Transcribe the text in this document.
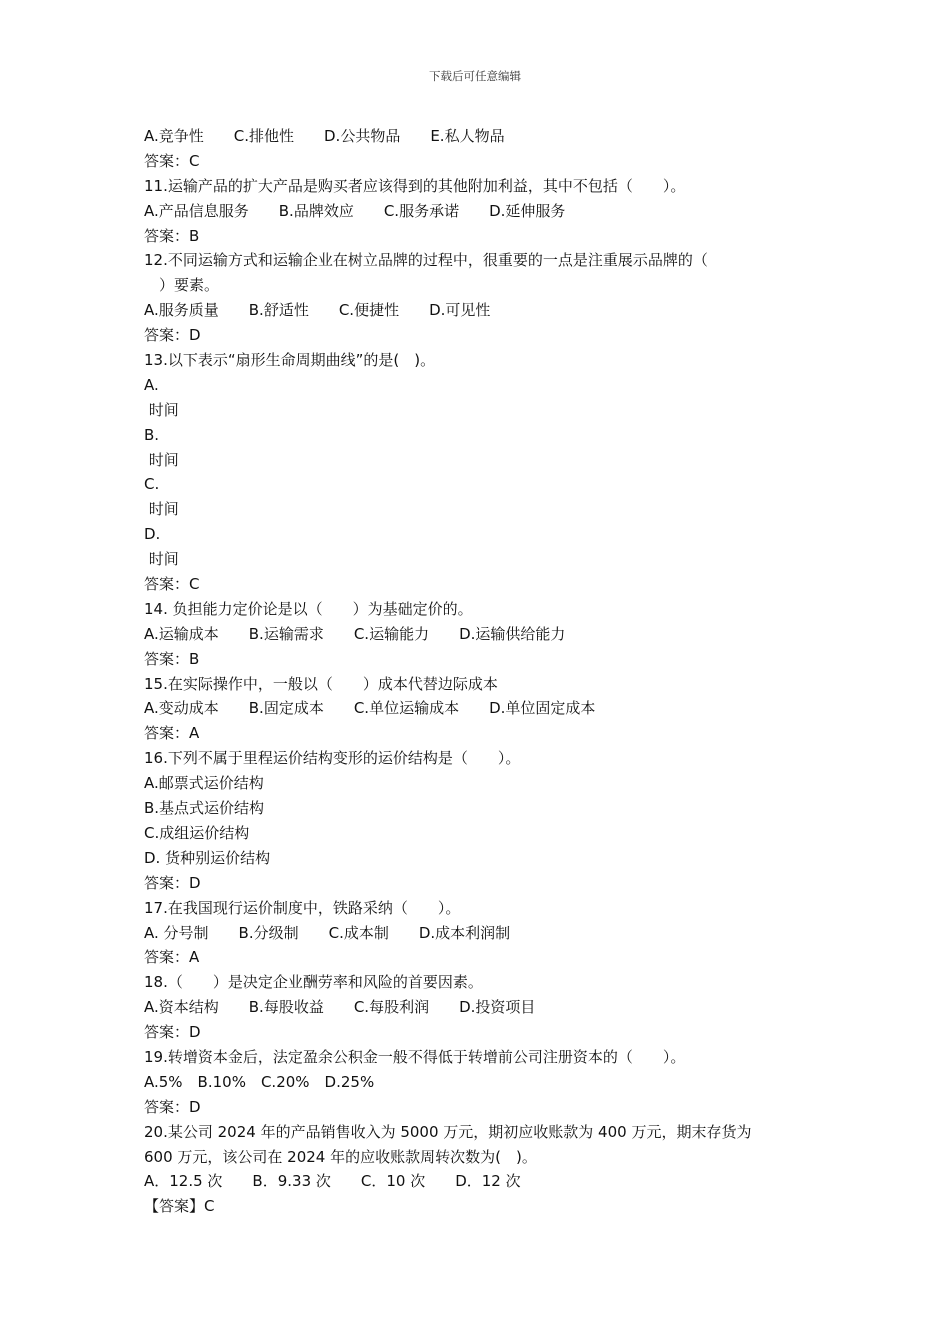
下载后可任意编辑
A.竞争性　　C.排他性　　D.公共物品　　E.私人物品
答案：C
11.运输产品的扩大产品是购买者应该得到的其他附加利益，其中不包括（　　）。
A.产品信息服务　　B.品牌效应　　C.服务承诺　　D.延伸服务
答案：B
12.不同运输方式和运输企业在树立品牌的过程中，很重要的一点是注重展示品牌的（
　）要素。
A.服务质量　　B.舒适性　　C.便捷性　　D.可见性
答案：D
13.以下表示“扇形生命周期曲线”的是(　)。
A.
时间
B.
时间
C.
时间
D.
时间
答案：C
14. 负担能力定价论是以（　　）为基础定价的。
A.运输成本　　B.运输需求　　C.运输能力　　D.运输供给能力
答案：B
15.在实际操作中，一般以（　　）成本代替边际成本
A.变动成本　　B.固定成本　　C.单位运输成本　　D.单位固定成本
答案：A
16.下列不属于里程运价结构变形的运价结构是（　　）。
A.邮票式运价结构
B.基点式运价结构
C.成组运价结构
D. 货种别运价结构
答案：D
17.在我国现行运价制度中，铁路采纳（　　）。
A. 分号制　　B.分级制　　C.成本制　　D.成本利润制
答案：A
18.（　　）是决定企业酬劳率和风险的首要因素。
A.资本结构　　B.每股收益　　C.每股利润　　D.投资项目
答案：D
19.转增资本金后，法定盈余公积金一般不得低于转增前公司注册资本的（　　）。
A.5%　B.10%　C.20%　D.25%
答案：D
20.某公司 2024 年的产品销售收入为 5000 万元，期初应收账款为 400 万元，期末存货为
600 万元，该公司在 2024 年的应收账款周转次数为(　)。
A．12.5 次　　B．9.33 次　　C．10 次　　D．12 次
【答案】C
